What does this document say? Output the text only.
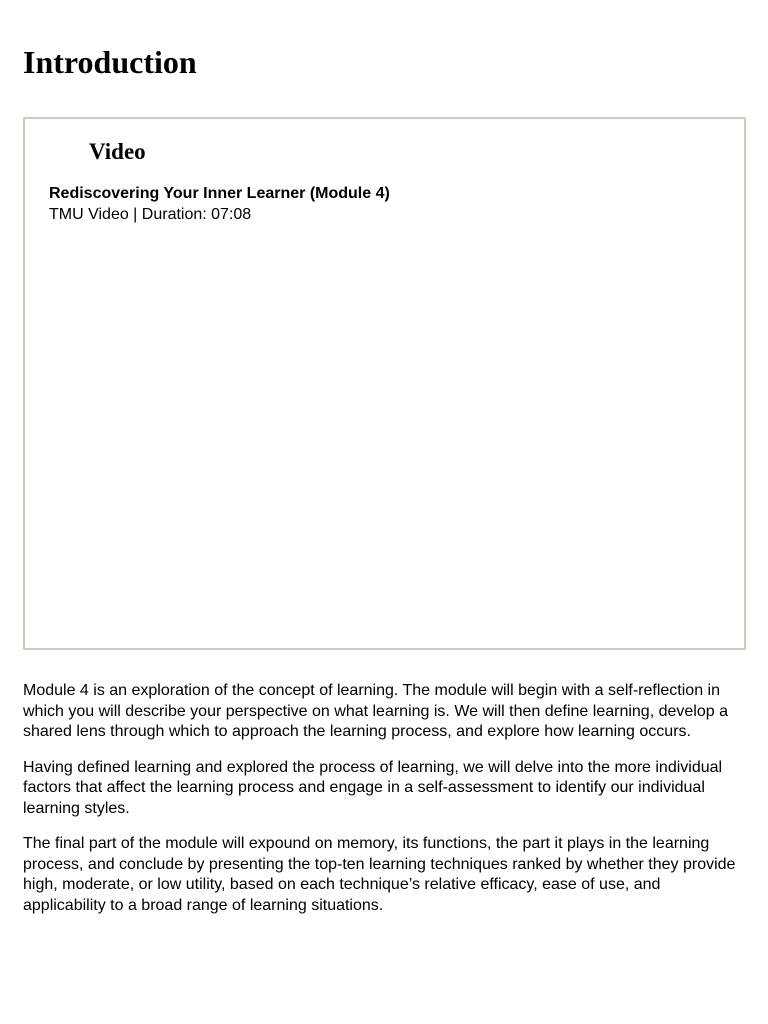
Introduction
Video
Rediscovering Your Inner Learner (Module 4)
TMU Video | Duration: 07:08

Module 4 is an exploration of the concept of learning. The module will begin with a self-reflection in which you will describe your perspective on what learning is. We will then define learning, develop a shared lens through which to approach the learning process, and explore how learning occurs.

Having defined learning and explored the process of learning, we will delve into the more individual factors that affect the learning process and engage in a self-assessment to identify our individual learning styles.

The final part of the module will expound on memory, its functions, the part it plays in the learning process, and conclude by presenting the top-ten learning techniques ranked by whether they provide high, moderate, or low utility, based on each technique’s relative efficacy, ease of use, and applicability to a broad range of learning situations.
